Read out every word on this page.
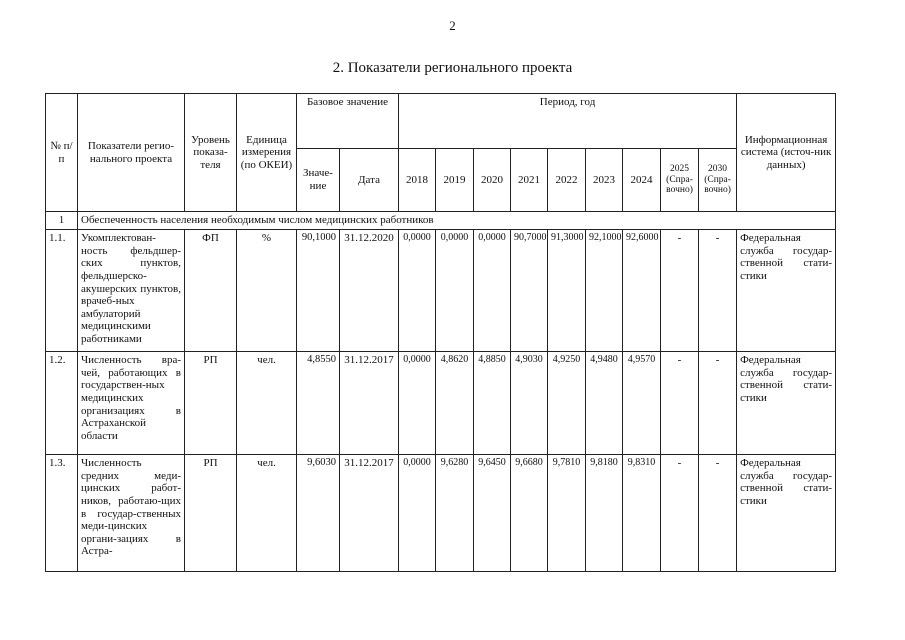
2
2. Показатели регионального проекта
№ п/п	Показатели регио-нального проекта	Уровень показа-теля	Единица измерения (по ОКЕИ)	Базовое значение		Период, год									Информационная система (источ-ник данных)
				Значе-ние	Дата	2018	2019	2020	2021	2022	2023	2024	2025 (Спра-вочно)	2030 (Спра-вочно)	
1	Обеспеченность населения необходимым числом медицинских работников														
1.1.	Укомплектован-ность фельдшер-ских пунктов, фельдшерско-акушерских пунктов, врачеб-ных амбулаторий медицинскими работниками	ФП	%	90,1000	31.12.2020	0,0000	0,0000	0,0000	90,7000	91,3000	92,1000	92,6000	-	-	Федеральная служба государ-ственной стати-стики
1.2.	Численность вра-чей, работающих в государствен-ных медицинских организациях в Астраханской области	РП	чел.	4,8550	31.12.2017	0,0000	4,8620	4,8850	4,9030	4,9250	4,9480	4,9570	-	-	Федеральная служба государ-ственной стати-стики
1.3.	Численность средних меди-цинских работ-ников, работаю-щих в государ-ственных меди-цинских органи-зациях в Астра-	РП	чел.	9,6030	31.12.2017	0,0000	9,6280	9,6450	9,6680	9,7810	9,8180	9,8310	-	-	Федеральная служба государ-ственной стати-стики
